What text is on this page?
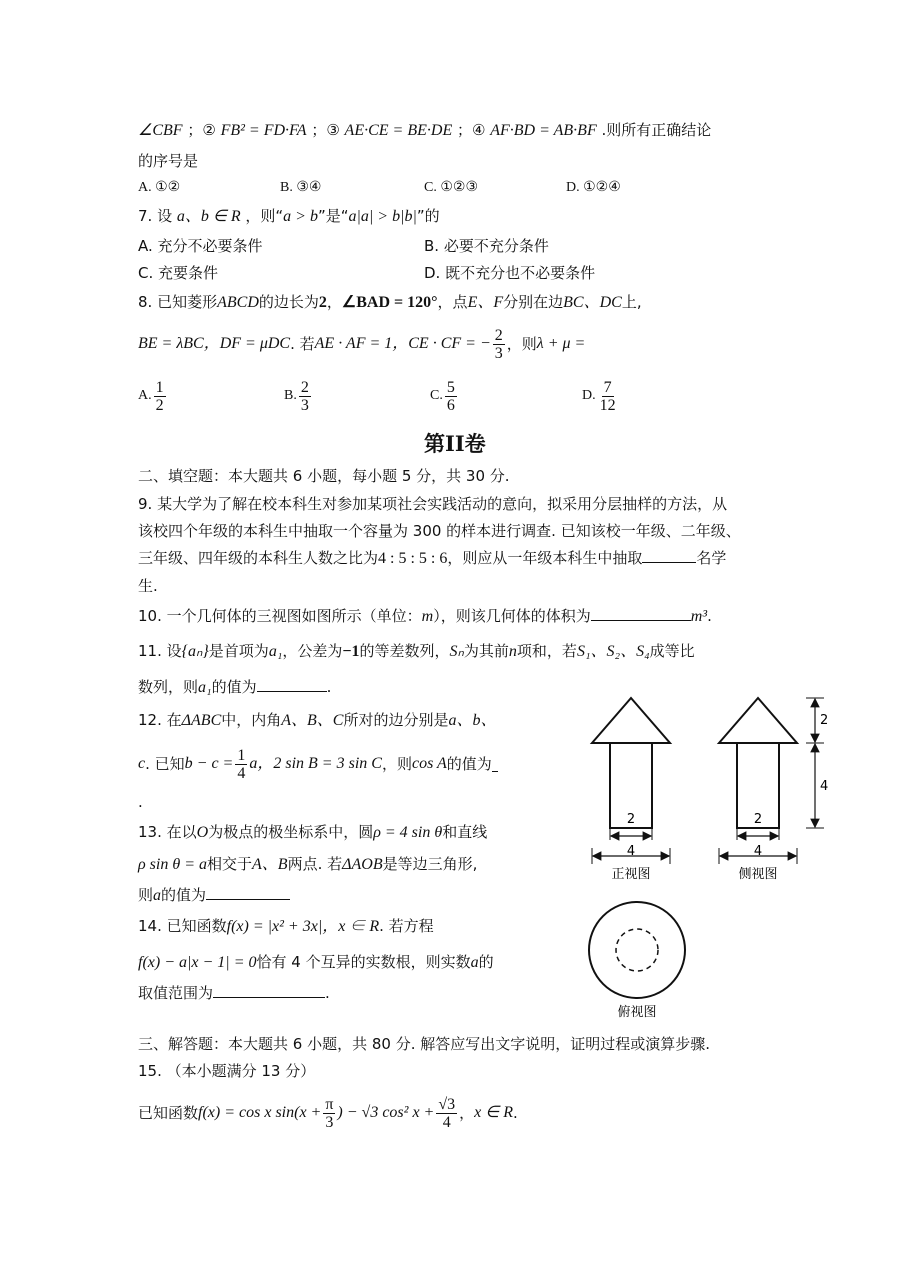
∠CBF ；② FB² = FD·FA ；③ AE·CE = BE·DE ；④ AF·BD = AB·BF .则所有正确结论
的序号是
A. ①②	B. ③④	C. ①②③	D. ①②④
7. 设 a、b ∈ R ，则“a > b”是“a|a| > b|b|”的
A. 充分不必要条件	B. 必要不充分条件
C. 充要条件	D. 既不充分也不必要条件
8. 已知菱形ABCD的边长为2，∠BAD = 120°，点E、F分别在边BC、DC上,
BE = λBC，DF = μDC . 若 AE · AF = 1，CE · CF = − $\frac{2}{3}$ ，则 λ + μ =
A. $\frac{1}{2}$	B. $\frac{2}{3}$	C. $\frac{5}{6}$	D. $\frac{7}{12}$
第II卷
二、填空题：本大题共 6 小题，每小题 5 分，共 30 分.
9. 某大学为了解在校本科生对参加某项社会实践活动的意向，拟采用分层抽样的方法，从
该校四个年级的本科生中抽取一个容量为 300 的样本进行调查. 已知该校一年级、二年级、
三年级、四年级的本科生人数之比为4 : 5 : 5 : 6，则应从一年级本科生中抽取	名学
生.
10. 一个几何体的三视图如图所示（单位：m），则该几何体的体积为	m³.
11. 设{aₙ}是首项为a₁，公差为−1的等差数列，Sₙ为其前n项和，若S₁、S₂、S₄成等比
数列，则a₁的值为	.
12. 在ΔABC中，内角A、B、C所对的边分别是a、b、
c . 已知 $b - c = \frac{1}{4}$ a，2 sin B = 3 sin C ，则 cos A 的值为
.
13. 在以O为极点的极坐标系中，圆ρ = 4 sin θ和直线
ρ sin θ = a相交于A、B两点. 若ΔAOB是等边三角形,
则a的值为
14. 已知函数f(x) = |x² + 3x|，x ∈ R. 若方程
f(x) − a|x − 1| = 0恰有 4 个互异的实数根，则实数a的
取值范围为	.
三、解答题：本大题共 6 小题，共 80 分. 解答应写出文字说明，证明过程或演算步骤.
15. （本小题满分 13 分）
已知函数 f(x) = cos x $\sin(x + \frac{\pi}{3}$ ) − √3 cos² $x + \frac{√3}{4}$ ， x ∈ R .
2
4
正视图
2
4
侧视图
2
4
俯视图
